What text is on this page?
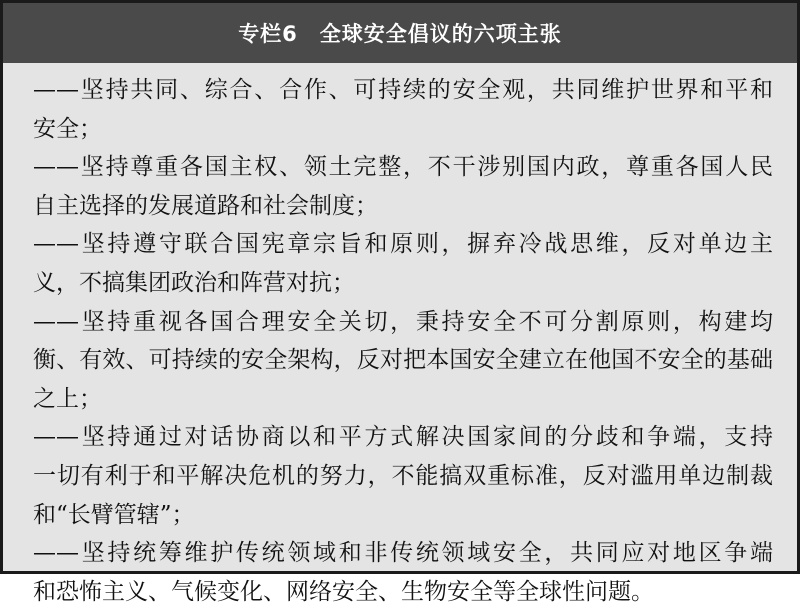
专栏6　全球安全倡议的六项主张
——坚持共同、综合、合作、可持续的安全观，共同维护世界和平和
安全；
——坚持尊重各国主权、领土完整，不干涉别国内政，尊重各国人民
自主选择的发展道路和社会制度；
——坚持遵守联合国宪章宗旨和原则，摒弃冷战思维，反对单边主
义，不搞集团政治和阵营对抗；
——坚持重视各国合理安全关切，秉持安全不可分割原则，构建均
衡、有效、可持续的安全架构，反对把本国安全建立在他国不安全的基础
之上；
——坚持通过对话协商以和平方式解决国家间的分歧和争端，支持
一切有利于和平解决危机的努力，不能搞双重标准，反对滥用单边制裁
和“长臂管辖”；
——坚持统筹维护传统领域和非传统领域安全，共同应对地区争端
和恐怖主义、气候变化、网络安全、生物安全等全球性问题。
